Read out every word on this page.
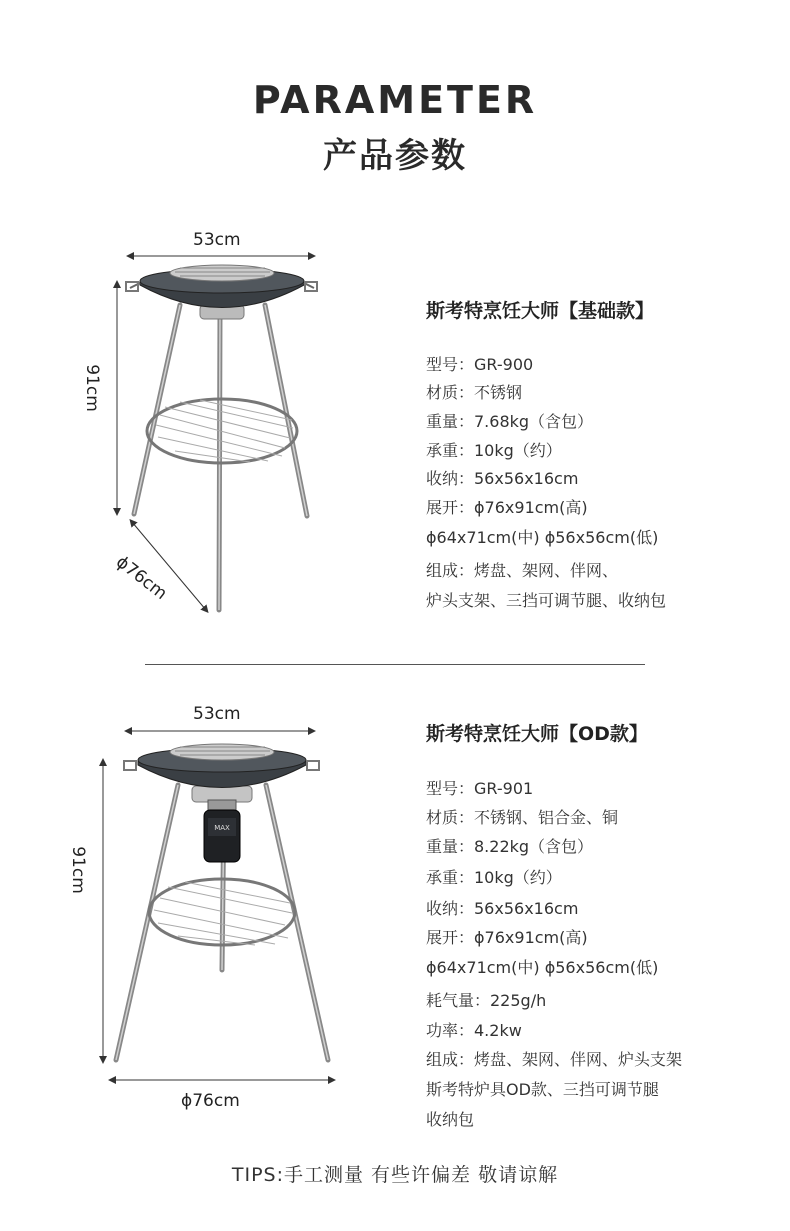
PARAMETER
产品参数
53cm
91cm
ϕ76cm
斯考特烹饪大师【基础款】
型号：GR-900
材质：不锈钢
重量：7.68kg（含包）
承重：10kg（约）
收纳：56x56x16cm
展开：ϕ76x91cm(高)
ϕ64x71cm(中) ϕ56x56cm(低)
组成：烤盘、架网、伴网、
炉头支架、三挡可调节腿、收纳包
MAX
53cm
91cm
ϕ76cm
斯考特烹饪大师【OD款】
型号：GR-901
材质：不锈钢、铝合金、铜
重量：8.22kg（含包）
承重：10kg（约）
收纳：56x56x16cm
展开：ϕ76x91cm(高)
ϕ64x71cm(中) ϕ56x56cm(低)
耗气量：225g/h
功率：4.2kw
组成：烤盘、架网、伴网、炉头支架
斯考特炉具OD款、三挡可调节腿
收纳包
TIPS:手工测量 有些许偏差 敬请谅解
